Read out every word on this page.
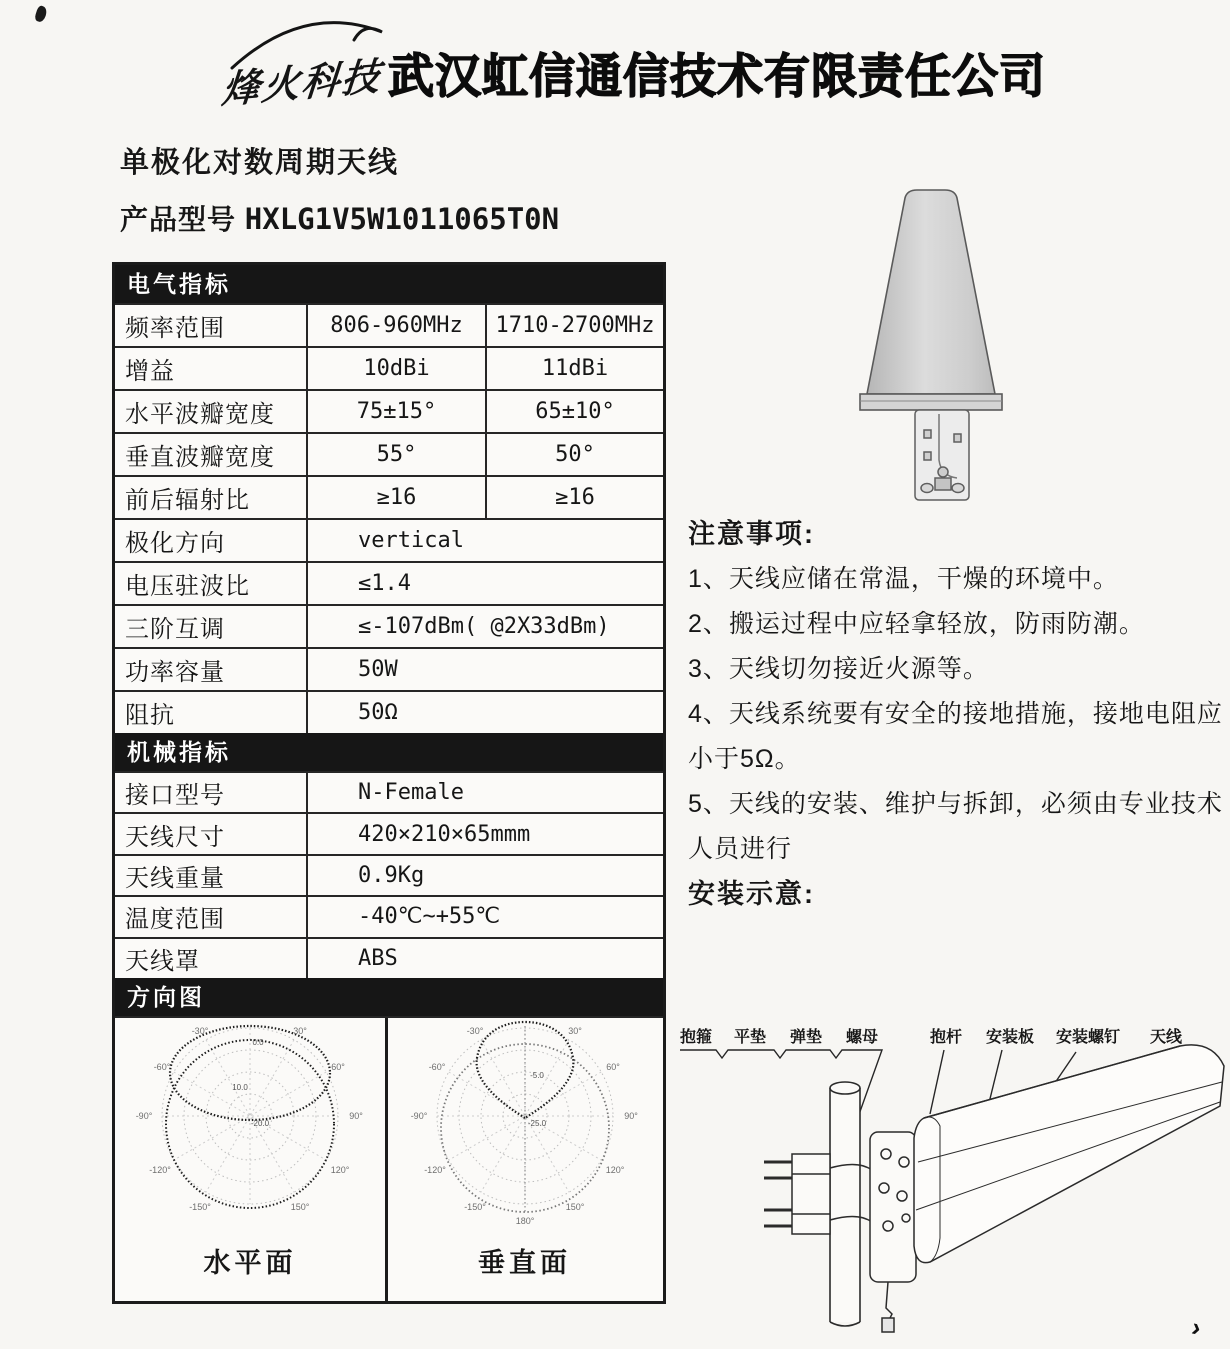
›
烽火科技 武汉虹信通信技术有限责任公司
单极化对数周期天线
产品型号 HXLG1V5W1011065T0N
电气指标
频率范围	806-960MHz	1710-2700MHz
增益	10dBi	11dBi
水平波瓣宽度	75±15°	65±10°
垂直波瓣宽度	55°	50°
前后辐射比	≥16	≥16
极化方向	vertical
电压驻波比	≤1.4
三阶互调	≤-107dBm( @2X33dBm)
功率容量	50W
阻抗	50Ω
机械指标
接口型号	N-Female
天线尺寸	420×210×65mmm
天线重量	0.9Kg
温度范围	-40℃~+55℃
天线罩	ABS
方向图
-30°	30°
-60°	60°
-90°	90°
-120°	120°
-150°	150°
0.0
10.0
-20.0
水平面
-30°	30°
-60°	60°
-90°	90°
-120°	120°
-150°	150°
180°
-5.0
-25.0
垂直面
注意事项:

1、天线应储在常温，干燥的环境中。

2、搬运过程中应轻拿轻放，防雨防潮。

3、天线切勿接近火源等。

4、天线系统要有安全的接地措施，接地电阻应小于5Ω。

5、天线的安装、维护与拆卸，必须由专业技术人员进行

安装示意:
抱箍 平垫 弹垫 螺母	抱杆 安装板 安装螺钉 天线
